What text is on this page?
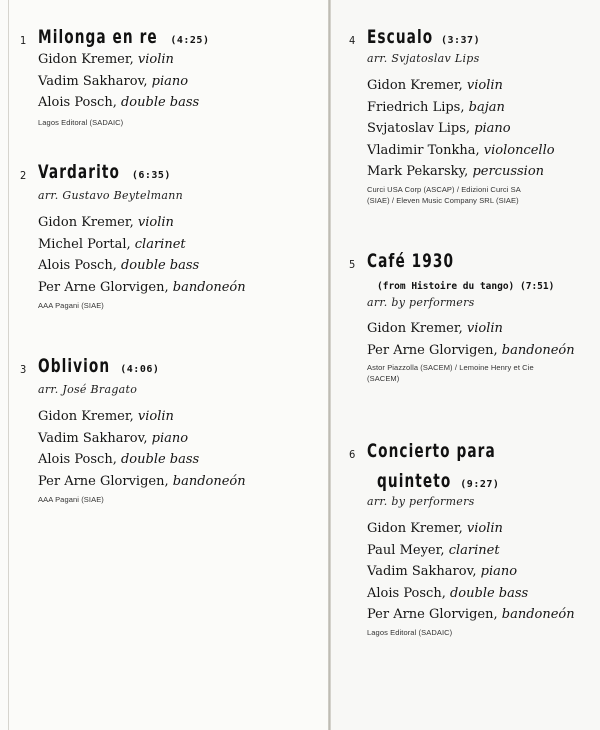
1 Milonga en re (4:25)
Gidon Kremer, violin
Vadim Sakharov, piano
Alois Posch, double bass
Lagos Editoral (SADAIC)
2 Vardarito (6:35)
arr. Gustavo Beytelmann
Gidon Kremer, violin
Michel Portal, clarinet
Alois Posch, double bass
Per Arne Glorvigen, bandoneón
AAA Pagani (SIAE)
3 Oblivion (4:06)
arr. José Bragato
Gidon Kremer, violin
Vadim Sakharov, piano
Alois Posch, double bass
Per Arne Glorvigen, bandoneón
AAA Pagani (SIAE)
4 Escualo (3:37)
arr. Svjatoslav Lips
Gidon Kremer, violin
Friedrich Lips, bajan
Svjatoslav Lips, piano
Vladimir Tonkha, violoncello
Mark Pekarsky, percussion
Curci USA Corp (ASCAP) / Edizioni Curci SA
(SIAE) / Eleven Music Company SRL (SIAE)
5 Café 1930
(from Histoire du tango) (7:51)
arr. by performers
Gidon Kremer, violin
Per Arne Glorvigen, bandoneón
Astor Piazzolla (SACEM) / Lemoine Henry et Cie
(SACEM)
6 Concierto para
quinteto (9:27)
arr. by performers
Gidon Kremer, violin
Paul Meyer, clarinet
Vadim Sakharov, piano
Alois Posch, double bass
Per Arne Glorvigen, bandoneón
Lagos Editoral (SADAIC)
